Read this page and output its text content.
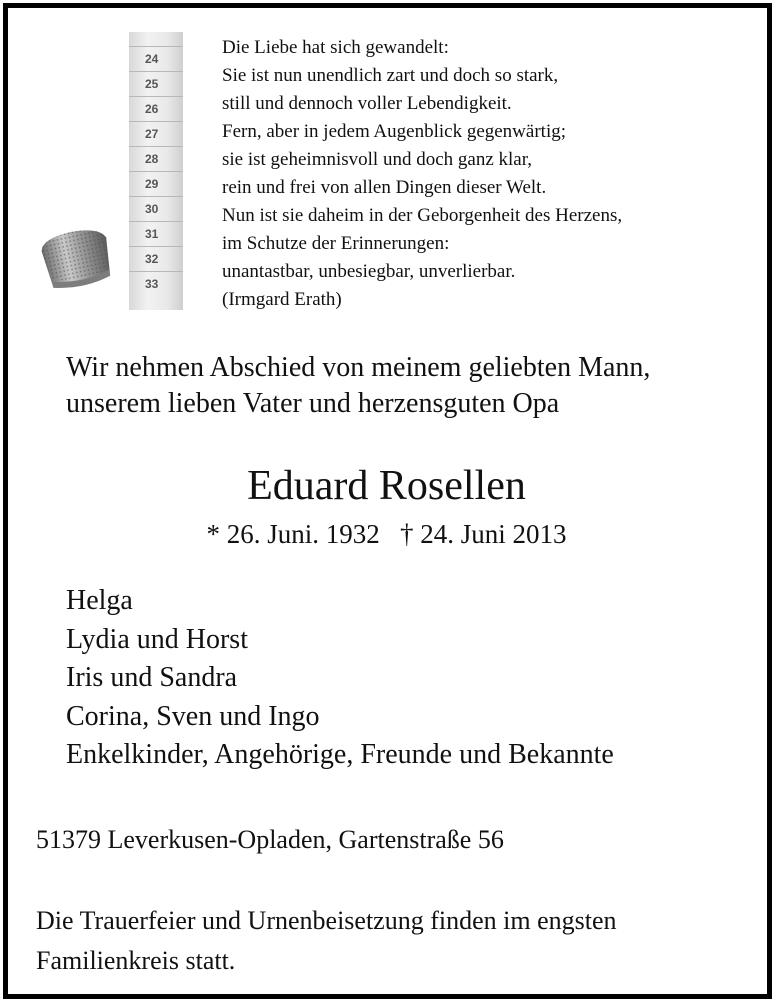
24
25
26
27
28
29
30
31
32
33
Die Liebe hat sich gewandelt:
Sie ist nun unendlich zart und doch so stark,
still und dennoch voller Lebendigkeit.
Fern, aber in jedem Augenblick gegenwärtig;
sie ist geheimnisvoll und doch ganz klar,
rein und frei von allen Dingen dieser Welt.
Nun ist sie daheim in der Geborgenheit des Herzens,
im Schutze der Erinnerungen:
unantastbar, unbesiegbar, unverlierbar.
(Irmgard Erath)
Wir nehmen Abschied von meinem geliebten Mann,
unserem lieben Vater und herzensguten Opa
Eduard Rosellen
* 26. Juni. 1932   † 24. Juni 2013
Helga
Lydia und Horst
Iris und Sandra
Corina, Sven und Ingo
Enkelkinder, Angehörige, Freunde und Bekannte
51379 Leverkusen-Opladen, Gartenstraße 56
Die Trauerfeier und Urnenbeisetzung finden im engsten
Familienkreis statt.
